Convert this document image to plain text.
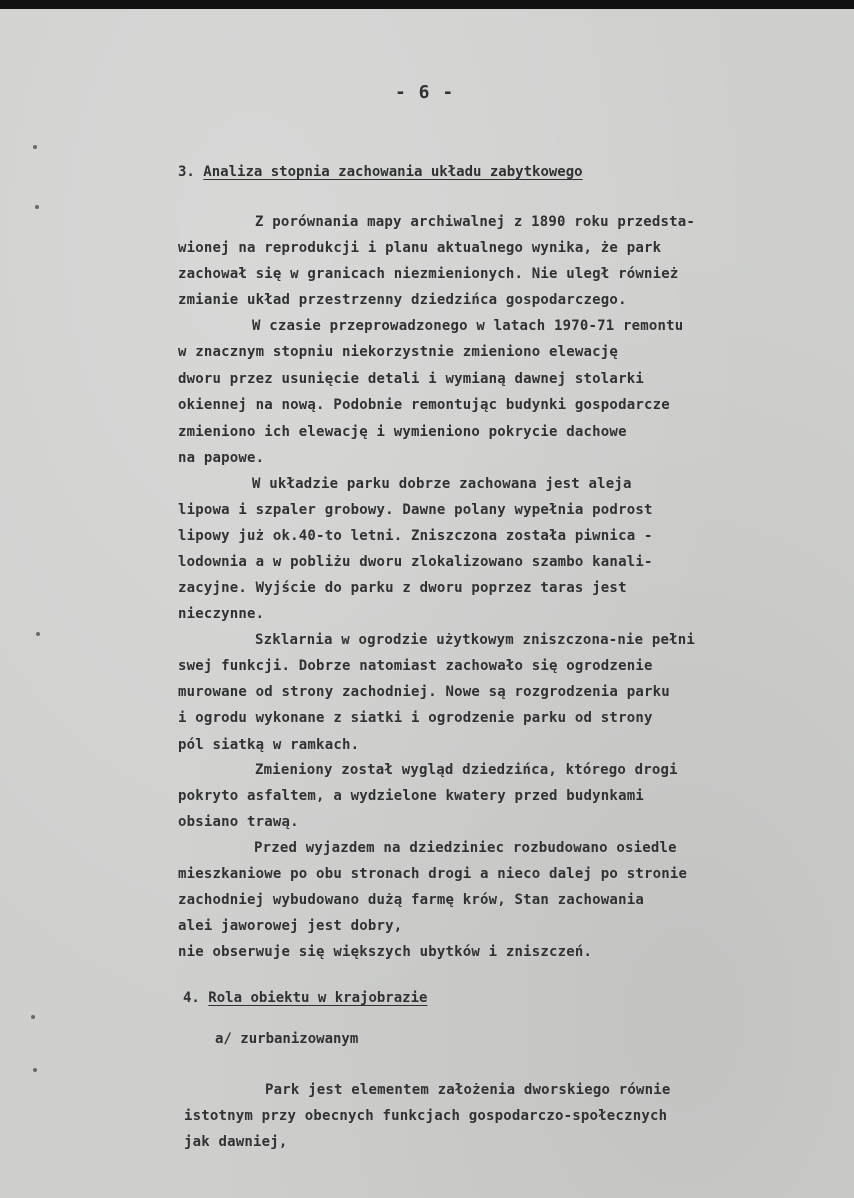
- 6 -
3. Analiza stopnia zachowania układu zabytkowego
Z porównania mapy archiwalnej z 1890 roku przedsta-
wionej na reprodukcji i planu aktualnego wynika, że park
zachował się w granicach niezmienionych. Nie uległ również
zmianie układ przestrzenny dziedzińca gospodarczego.
W czasie przeprowadzonego w latach 1970-71 remontu
w znacznym stopniu niekorzystnie zmieniono elewację
dworu przez usunięcie detali i wymianą dawnej stolarki
okiennej na nową. Podobnie remontując budynki gospodarcze
zmieniono ich elewację i wymieniono pokrycie dachowe
na papowe.
W układzie parku dobrze zachowana jest aleja
lipowa i szpaler grobowy. Dawne polany wypełnia podrost
lipowy już ok.40-to letni. Zniszczona została piwnica -
lodownia a w pobliżu dworu zlokalizowano szambo kanali-
zacyjne. Wyjście do parku z dworu poprzez taras jest
nieczynne.
Szklarnia w ogrodzie użytkowym zniszczona-nie pełni
swej funkcji. Dobrze natomiast zachowało się ogrodzenie
murowane od strony zachodniej. Nowe są rozgrodzenia parku
i ogrodu wykonane z siatki i ogrodzenie parku od strony
pól siatką w ramkach.
Zmieniony został wygląd dziedzińca, którego drogi
pokryto asfaltem, a wydzielone kwatery przed budynkami
obsiano trawą.
Przed wyjazdem na dziedziniec rozbudowano osiedle
mieszkaniowe po obu stronach drogi a nieco dalej po stronie
zachodniej wybudowano dużą farmę krów, Stan zachowania
alei jaworowej jest dobry,
nie obserwuje się większych ubytków i zniszczeń.
4. Rola obiektu w krajobrazie
a/ zurbanizowanym
Park jest elementem założenia dworskiego równie
istotnym przy obecnych funkcjach gospodarczo-społecznych
jak dawniej,
